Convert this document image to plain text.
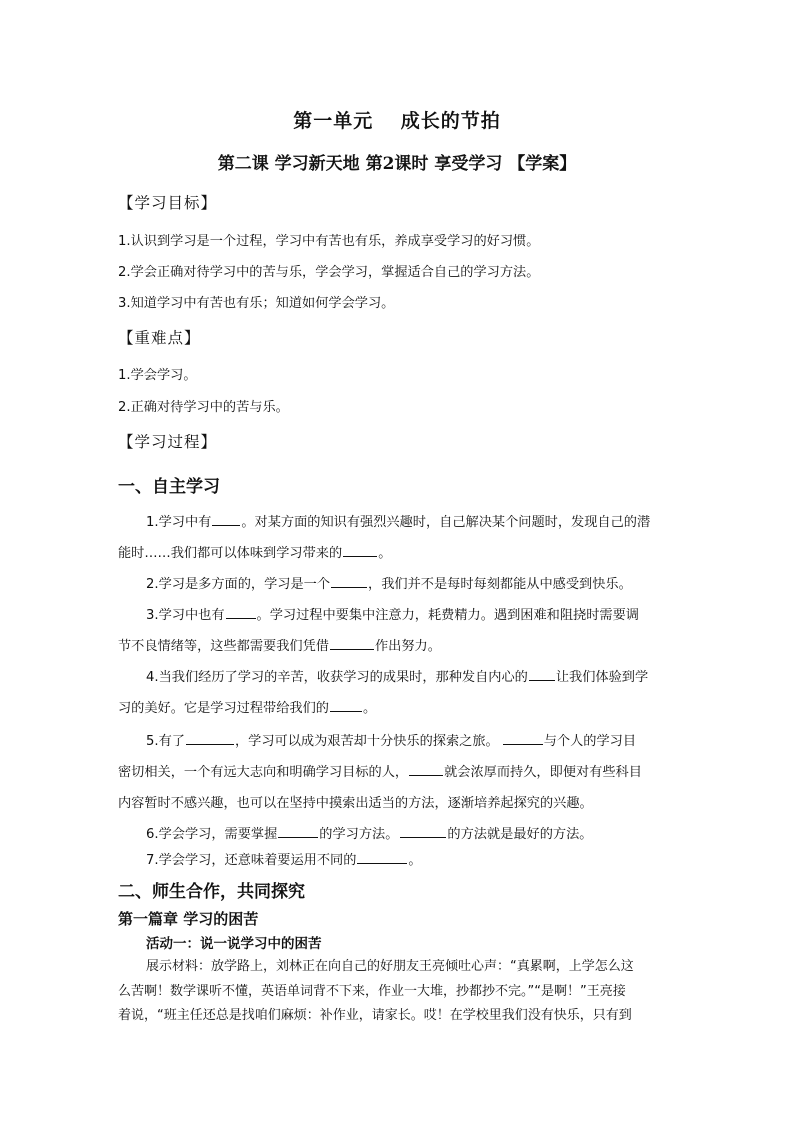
第一单元　 成长的节拍

第二课 学习新天地 第2课时 享受学习 【学案】

【学习目标】

1.认识到学习是一个过程，学习中有苦也有乐，养成享受学习的好习惯。

2.学会正确对待学习中的苦与乐，学会学习，掌握适合自己的学习方法。

3.知道学习中有苦也有乐；知道如何学会学习。

【重难点】

1.学会学习。

2.正确对待学习中的苦与乐。

【学习过程】

一、自主学习

1.学习中有 。对某方面的知识有强烈兴趣时，自己解决某个问题时，发现自己的潜

能时……我们都可以体味到学习带来的	。

2.学习是多方面的，学习是一个	，我们并不是每时每刻都能从中感受到快乐。

3.学习中也有 。学习过程中要集中注意力，耗费精力。遇到困难和阻挠时需要调

节不良情绪等，这些都需要我们凭借	作出努力。

4.当我们经历了学习的辛苦，收获学习的成果时，那种发自内心的 让我们体验到学

习的美好。它是学习过程带给我们的	。

5.有了	，学习可以成为艰苦却十分快乐的探索之旅。	与个人的学习目

密切相关，一个有远大志向和明确学习目标的人，	就会浓厚而持久，即便对有些科目

内容暂时不感兴趣，也可以在坚持中摸索出适当的方法，逐渐培养起探究的兴趣。

6.学会学习，需要掌握	的学习方法。	的方法就是最好的方法。

7.学会学习，还意味着要运用不同的	。

二、师生合作，共同探究

第一篇章 学习的困苦

活动一：说一说学习中的困苦

展示材料：放学路上，刘林正在向自己的好朋友王亮倾吐心声：“真累啊，上学怎么这

么苦啊！数学课听不懂，英语单词背不下来，作业一大堆，抄都抄不完。”“是啊！”王亮接

着说，“班主任还总是找咱们麻烦：补作业，请家长。哎！在学校里我们没有快乐，只有到
